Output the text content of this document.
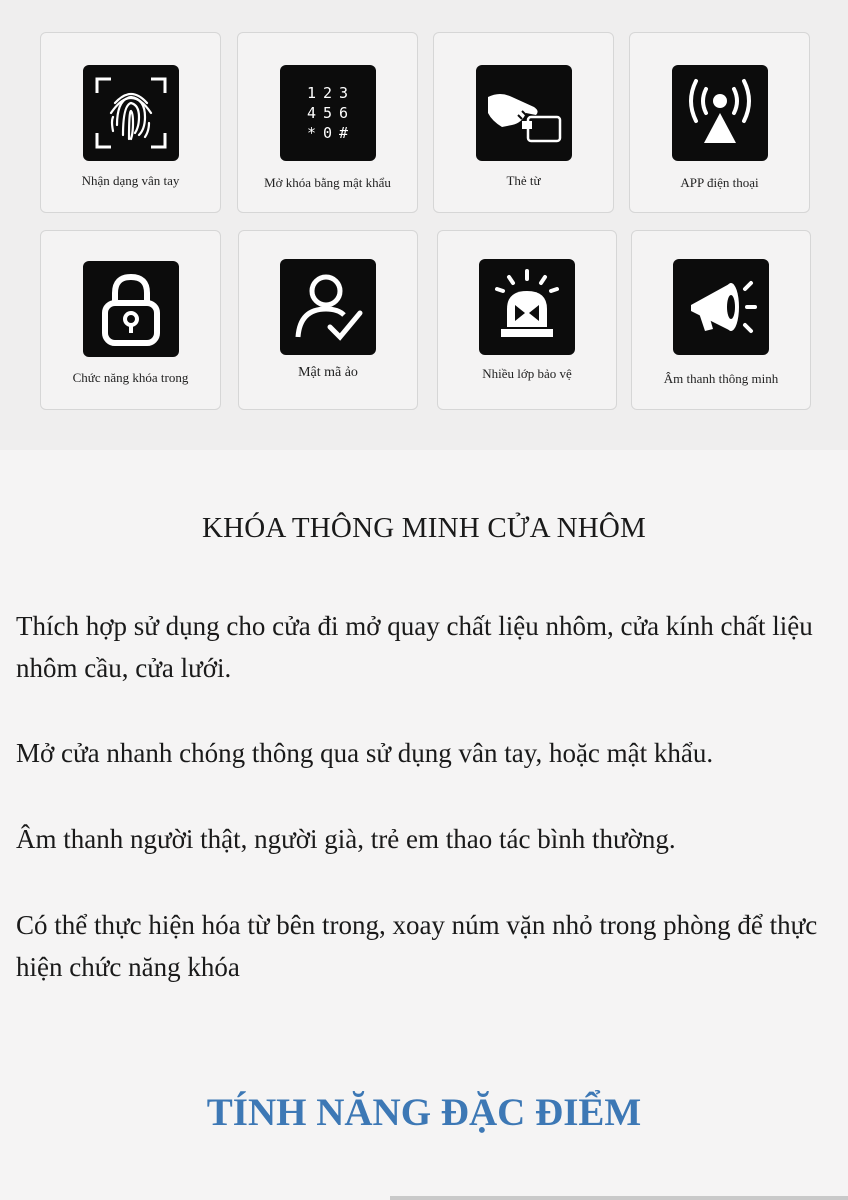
Nhận dạng vân tay
1 2 3
4 5 6
* 0 #
Mở khóa bằng mật khẩu	Thẻ từ	APP điện thoại
Chức năng khóa trong	Mật mã ảo	Nhiều lớp bảo vệ	Âm thanh thông minh
KHÓA THÔNG MINH CỬA NHÔM
Thích hợp sử dụng cho cửa đi mở quay chất liệu nhôm, cửa kính chất liệu nhôm cầu, cửa lưới.
Mở cửa nhanh chóng thông qua sử dụng vân tay, hoặc mật khẩu.
Âm thanh người thật, người già, trẻ em thao tác bình thường.
Có thể thực hiện hóa từ bên trong, xoay núm vặn nhỏ trong phòng để thực hiện chức năng khóa
TÍNH NĂNG ĐẶC ĐIỂM
